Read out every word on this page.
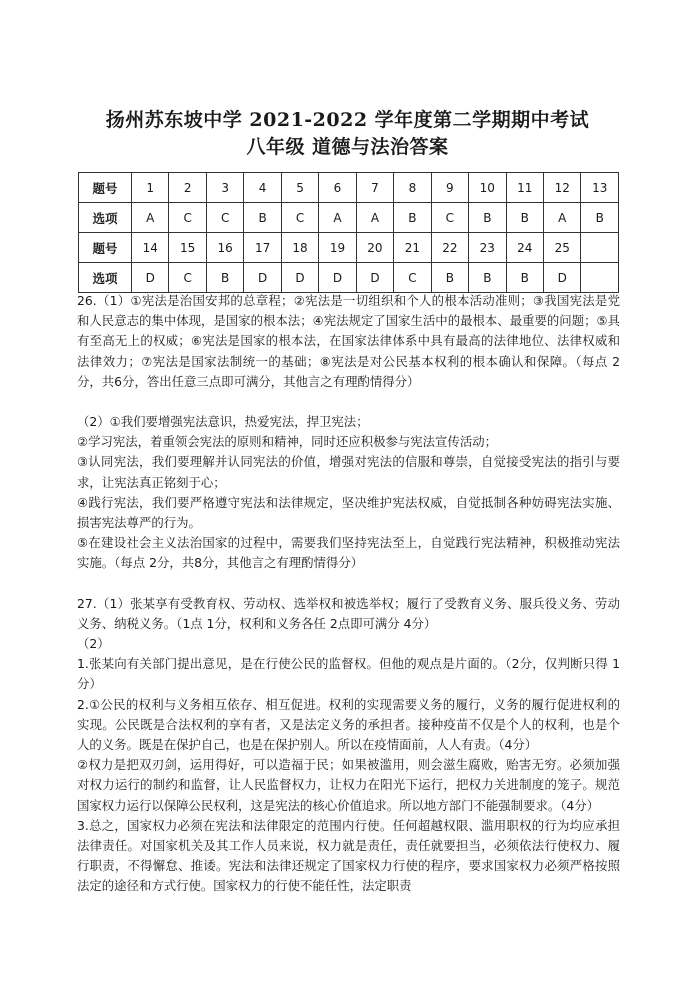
扬州苏东坡中学 2021-2022 学年度第二学期期中考试
八年级 道德与法治答案
题号	1	2	3	4	5	6	7	8	9	10	11	12	13
选项	A	C	C	B	C	A	A	B	C	B	B	A	B
题号	14	15	16	17	18	19	20	21	22	23	24	25	
选项	D	C	B	D	D	D	D	C	B	B	B	D	

26.（1）①宪法是治国安邦的总章程；②宪法是一切组织和个人的根本活动准则；③我国宪法是党和人民意志的集中体现，是国家的根本法；④宪法规定了国家生活中的最根本、最重要的问题；⑤具有至高无上的权威；⑥宪法是国家的根本法，在国家法律体系中具有最高的法律地位、法律权威和法律效力；⑦宪法是国家法制统一的基础；⑧宪法是对公民基本权利的根本确认和保障。（每点 2分，共6分，答出任意三点即可满分，其他言之有理酌情得分）

（2）①我们要增强宪法意识，热爱宪法，捍卫宪法；

②学习宪法，着重领会宪法的原则和精神，同时还应积极参与宪法宣传活动；

③认同宪法，我们要理解并认同宪法的价值，增强对宪法的信服和尊崇，自觉接受宪法的指引与要求，让宪法真正铭刻于心；

④践行宪法，我们要严格遵守宪法和法律规定，坚决维护宪法权威，自觉抵制各种妨碍宪法实施、损害宪法尊严的行为。

⑤在建设社会主义法治国家的过程中，需要我们坚持宪法至上，自觉践行宪法精神，积极推动宪法实施。（每点 2分，共8分，其他言之有理酌情得分）

27.（1）张某享有受教育权、劳动权、选举权和被选举权；履行了受教育义务、服兵役义务、劳动义务、纳税义务。（1点 1分，权利和义务各任 2点即可满分 4分）

（2）

1.张某向有关部门提出意见，是在行使公民的监督权。但他的观点是片面的。（2分，仅判断只得 1分）

2.①公民的权利与义务相互依存、相互促进。权利的实现需要义务的履行，义务的履行促进权利的实现。公民既是合法权利的享有者，又是法定义务的承担者。接种疫苗不仅是个人的权利，也是个人的义务。既是在保护自己，也是在保护别人。所以在疫情面前，人人有责。（4分）

②权力是把双刃剑，运用得好，可以造福于民；如果被滥用，则会滋生腐败，贻害无穷。必须加强对权力运行的制约和监督，让人民监督权力，让权力在阳光下运行，把权力关进制度的笼子。规范国家权力运行以保障公民权利，这是宪法的核心价值追求。所以地方部门不能强制要求。（4分）

3.总之，国家权力必须在宪法和法律限定的范围内行使。任何超越权限、滥用职权的行为均应承担法律责任。对国家机关及其工作人员来说，权力就是责任，责任就要担当，必须依法行使权力、履行职责，不得懈怠、推诿。宪法和法律还规定了国家权力行使的程序，要求国家权力必须严格按照法定的途径和方式行使。国家权力的行使不能任性，法定职责
